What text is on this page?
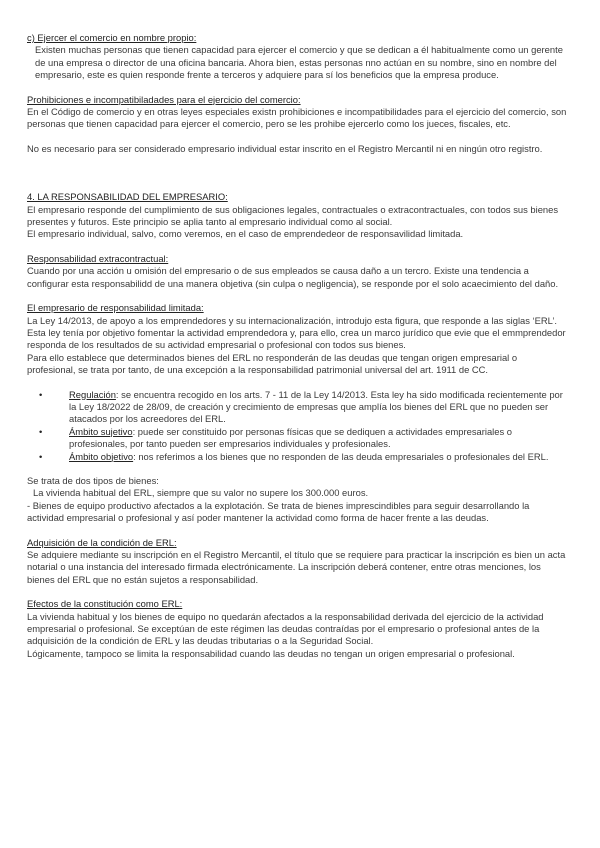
c) Ejercer el comercio en nombre propio:

Existen muchas personas que tienen capacidad para ejercer el comercio y que se dedican a él habitualmente como un gerente de una empresa o director de una oficina bancaria. Ahora bien, estas personas nno actúan en su nombre, sino en nombre del empresario, este es quien responde frente a terceros y adquiere para sí los beneficios que la empresa produce.

Prohibiciones e incompatibiladades para el ejercicio del comercio:

En el Código de comercio y en otras leyes especiales existn prohibiciones e incompatibilidades para el ejercicio del comercio, son personas que tienen capacidad para ejercer el comercio, pero se les prohibe ejercerlo como los jueces, fiscales, etc.

No es necesario para ser considerado empresario individual estar inscrito en el Registro Mercantil ni en ningún otro registro.

4. LA RESPONSABILIDAD DEL EMPRESARIO:

El empresario responde del cumplimiento de sus obligaciones legales, contractuales o extracontractuales, con todos sus bienes presentes y futuros. Este principio se aplia tanto al empresario individual como al social.

El empresario individual, salvo, como veremos, en el caso de emprendedeor de responsavilidad limitada.

Responsabilidad extracontractual:

Cuando por una acción u omisión del empresario o de sus empleados se causa daño a un tercro. Existe una tendencia a configurar esta responsabilidd de una manera objetiva (sin culpa o negligencia), se responde por el solo acaecimiento del daño.

El empresario de responsabilidad limitada:

La Ley 14/2013, de apoyo a los emprendedores y su internacionalización, introdujo esta figura, que responde a las siglas ‘ERL’. Esta ley tenía por objetivo fomentar la actividad emprendedora y, para ello, crea un marco jurídico que evie que el emmprendedor responda de los resultados de su actividad empresarial o profesional con todos sus bienes.

Para ello establece que determinados bienes del ERL no responderán de las deudas que tengan origen empresarial o profesional, se trata por tanto, de una excepción a la responsabilidad patrimonial universal del art. 1911 de CC.

• Regulación: se encuentra recogido en los arts. 7 - 11 de la Ley 14/2013. Esta ley ha sido modificada recientemente por la Ley 18/2022 de 28/09, de creación y crecimiento de empresas que amplía los bienes del ERL que no pueden ser atacados por los acreedores del ERL.
• Ámbito sujetivo: puede ser constituido por personas físicas que se dediquen a actividades empresariales o profesionales, por tanto pueden ser empresarios individuales y profesionales.
• Ámbito objetivo: nos referimos a los bienes que no responden de las deuda empresariales o profesionales del ERL.

Se trata de dos tipos de bienes:

La vivienda habitual del ERL, siempre que su valor no supere los 300.000 euros.

- Bienes de equipo productivo afectados a la explotación. Se trata de bienes imprescindibles para seguir desarrollando la actividad empresarial o profesional y así poder mantener la actividad como forma de hacer frente a las deudas.

Adquisición de la condición de ERL:

Se adquiere mediante su inscripción en el Registro Mercantil, el título que se requiere para practicar la inscripción es bien un acta notarial o una instancia del interesado firmada electrónicamente. La inscripción deberá contener, entre otras menciones, los bienes del ERL que no están sujetos a responsabilidad.

Efectos de la constitución como ERL:

La vivienda habitual y los bienes de equipo no quedarán afectados a la responsabilidad derivada del ejercicio de la actividad empresarial o profesional. Se exceptúan de este régimen las deudas contraídas por el empresario o profesional antes de la adquisición de la condición de ERL y las deudas tributarias o a la Seguridad Social.

Lógicamente, tampoco se limita la responsabilidad cuando las deudas no tengan un origen empresarial o profesional.
